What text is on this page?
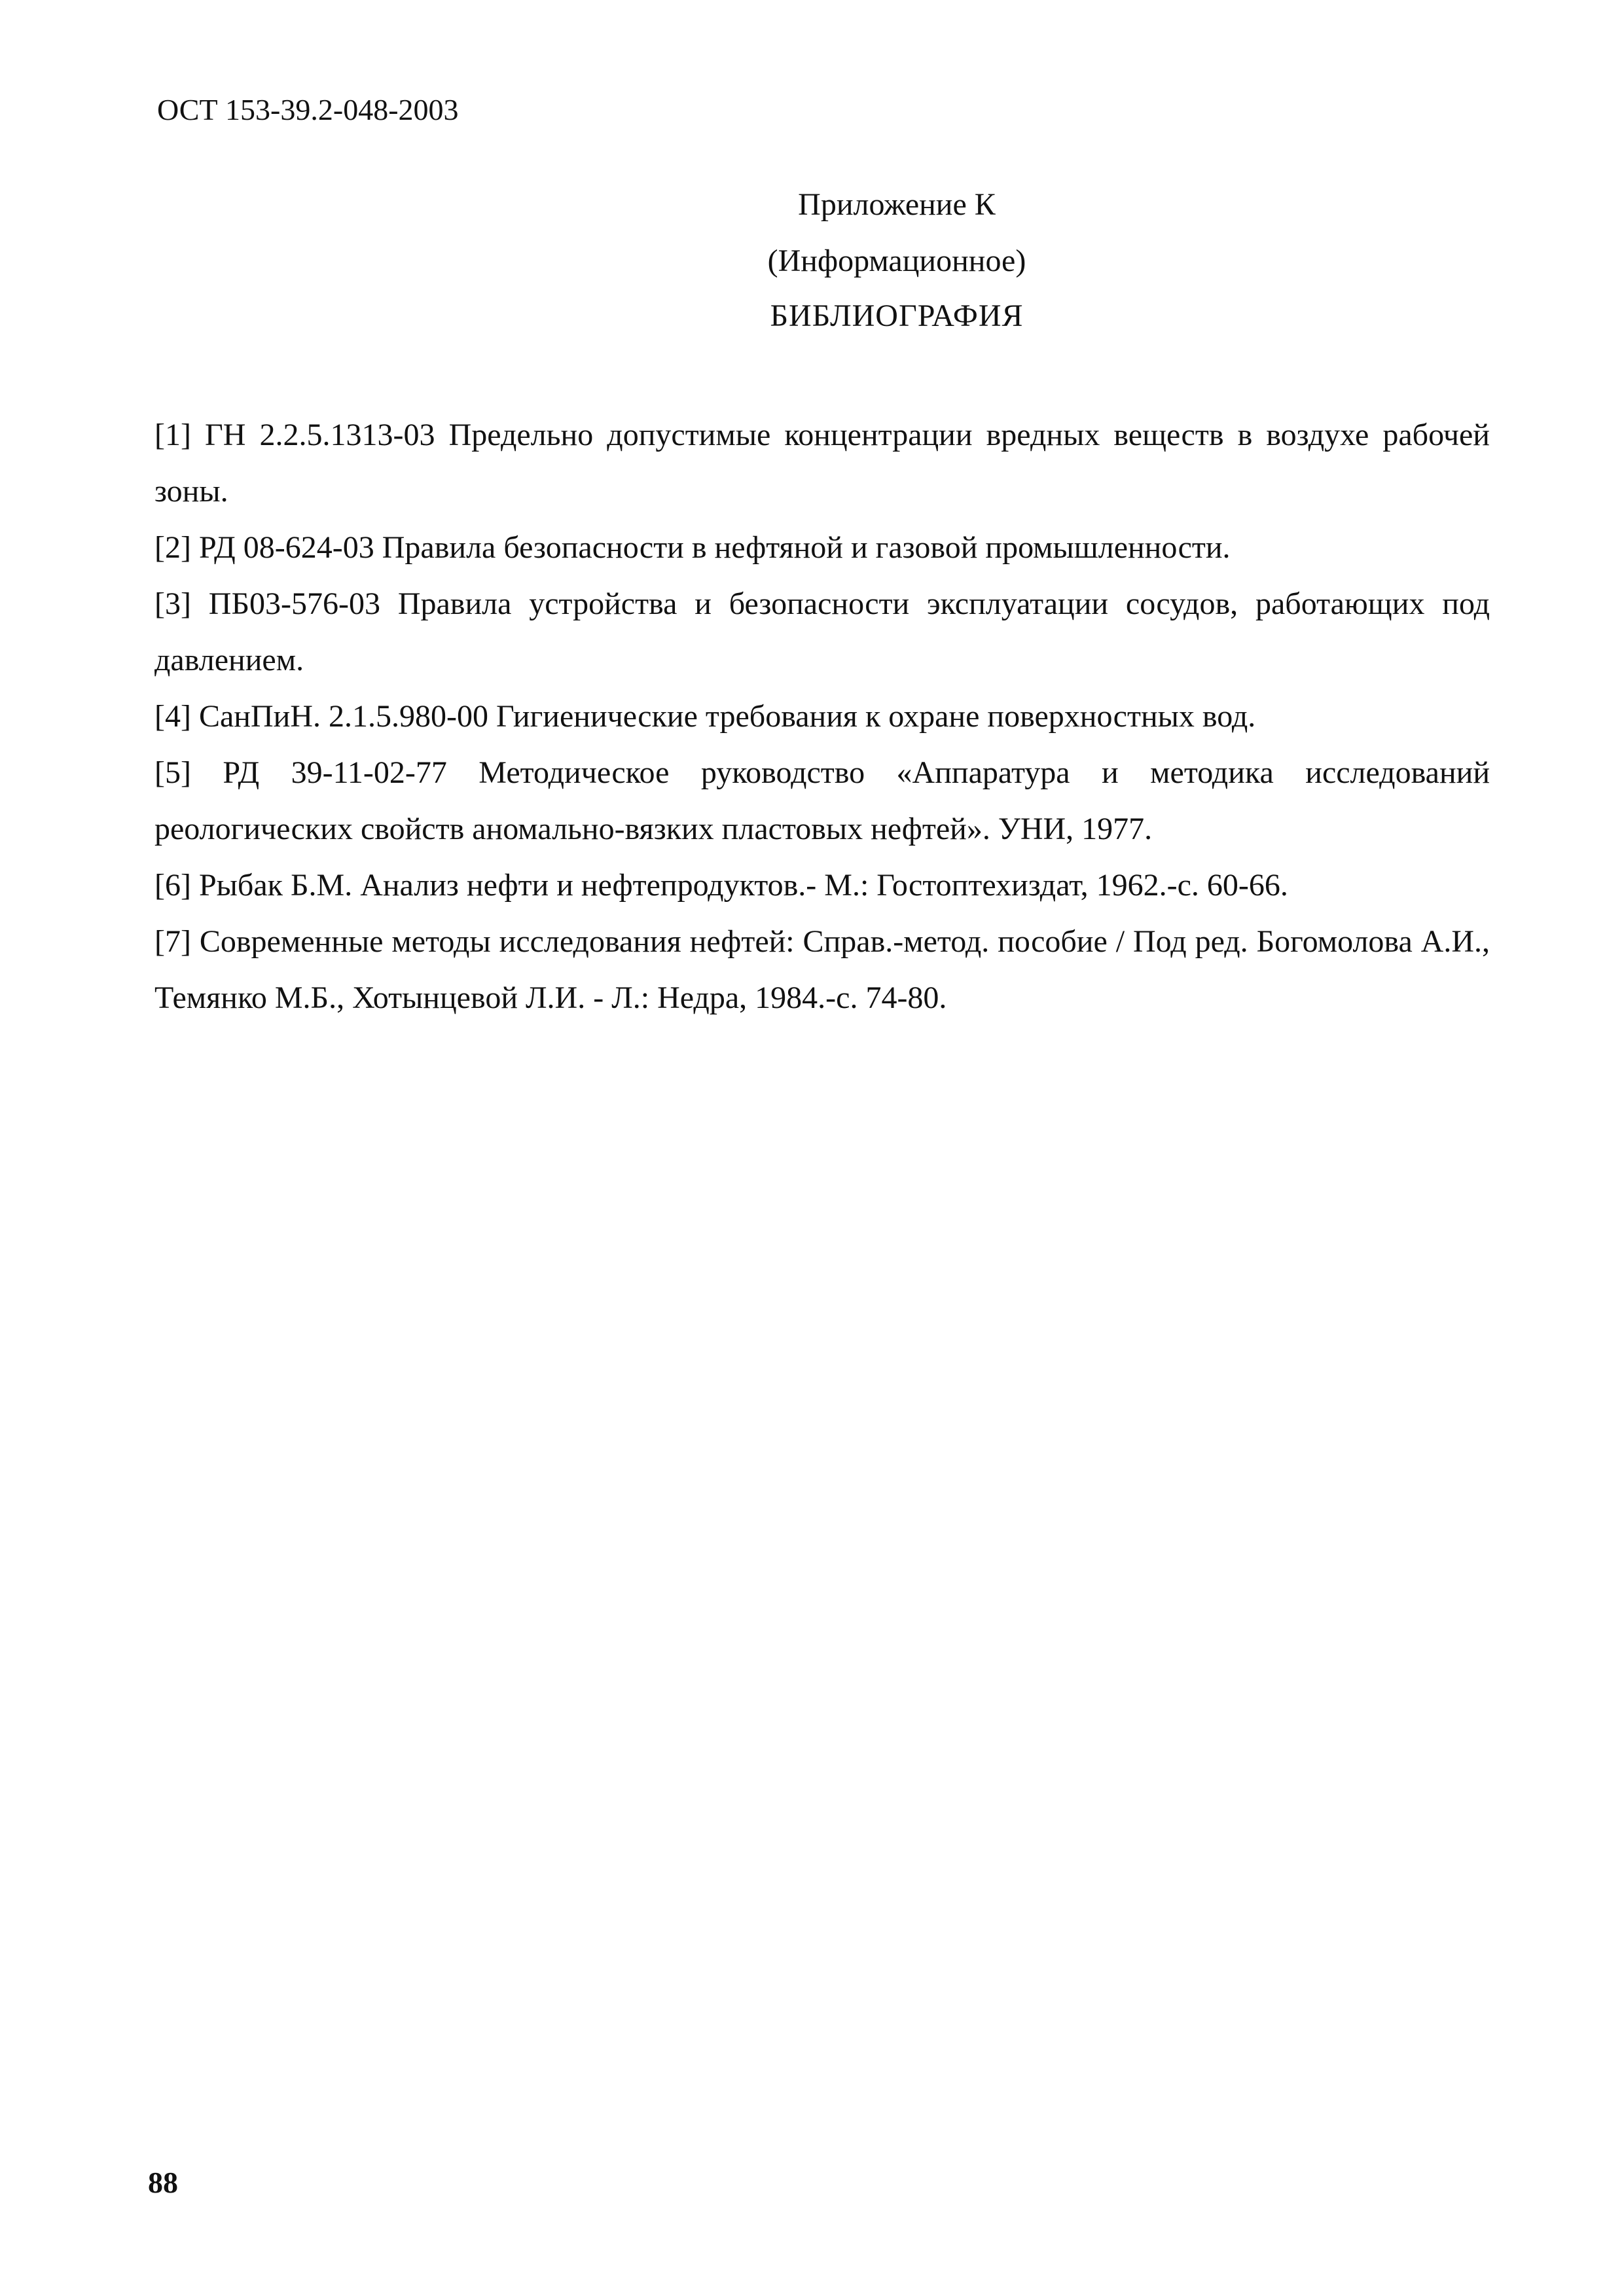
ОСТ 153-39.2-048-2003
Приложение К
(Информационное)
БИБЛИОГРАФИЯ

[1] ГН 2.2.5.1313-03 Предельно допустимые концентрации вредных веществ в воздухе рабочей зоны.

[2] РД 08-624-03 Правила безопасности в нефтяной и газовой промышленности.

[3] ПБ03-576-03 Правила устройства и безопасности эксплуатации сосудов, работающих под давлением.

[4] СанПиН. 2.1.5.980-00 Гигиенические требования к охране поверхностных вод.

[5] РД 39-11-02-77 Методическое руководство «Аппаратура и методика исследований реологических свойств аномально-вязких пластовых нефтей». УНИ, 1977.

[6] Рыбак Б.М. Анализ нефти и нефтепродуктов.- М.: Гостоптехиздат, 1962.-с. 60-66.

[7] Современные методы исследования нефтей: Справ.-метод. пособие / Под ред. Богомолова А.И., Темянко М.Б., Хотынцевой Л.И. - Л.: Недра, 1984.-с. 74-80.

88
